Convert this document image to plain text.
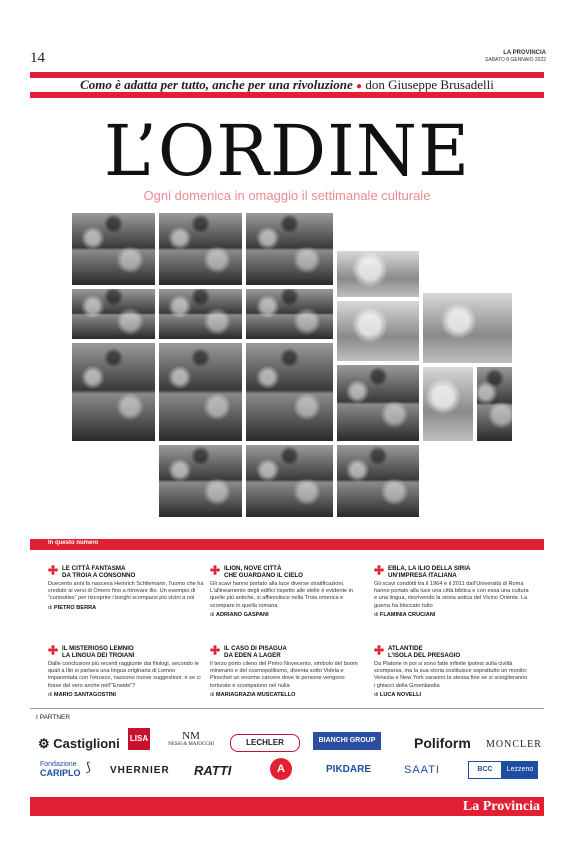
14	LA PROVINCIA
SABATO 8 GENNAIO 2022
Como è adatta per tutto, anche per una rivoluzione ● don Giuseppe Brusadelli
L’ORDINE
Ogni domenica in omaggio il settimanale culturale
In questo numero
LE CITTÀ FANTASMA
DA TROIA A CONSONNO
Duecento anni fa nasceva Heinrich Schliemann, l’uomo che ha creduto ai versi di Omero fino a ritrovare Ilio. Un esempio di “curiosities” per riscoprire i borghi scomparsi più vicini a noi
di PIETRO BERRA
ILION, NOVE CITTÀ
CHE GUARDANO IL CIELO
Gli scavi hanno portato alla luce diverse stratificazioni. L’allineamento degli edifici rispetto alle stelle è evidente in quelle più antiche, si affievolisce nella Troia omerica e scompare in quella romana
di ADRIANO GASPANI
EBLA, LA ILIO DELLA SIRIA
UN’IMPRESA ITALIANA
Gli scavi condotti tra il 1964 e il 2011 dall’Università di Roma hanno portato alla luce una città biblica e con essa una cultura e una lingua, riscrivendo la storia antica del Vicino Oriente. La guerra ha bloccato tutto
di FLAMINIA CRUCIANI
IL MISTERIOSO LEMNIO
LA LINGUA DEI TROIANI
Dalle conclusioni più recenti raggiunte dai filologi, secondo le quali a Ilio si parlava una lingua originaria di Lemno imparentata con l’etrusco, nascono nuove suggestioni: e se ci fosse del vero anche nell’“Eneide”?
di MARIO SANTAGOSTINI
IL CASO DI PISAGUA
DA EDEN A LAGER
Il terzo porto cileno del Primo Novecento, simbolo del boom minerario e del cosmopolitismo, diventa sotto Videla e Pinochet un enorme carcere dove le persone vengono torturate e scompaiono nel nulla
di MARIAGRAZIA MUSCATELLO
ATLANTIDE
L’ISOLA DEL PRESAGIO
Da Platone in poi si sono fatte infinite ipotesi sulla civiltà scomparsa, ma la sua storia costituisce soprattutto un monito: Venezia e New York saranno la stessa fine se si scioglieranno i ghiacci della Groenlandia
di LUCA NOVELLI
I PARTNER
⚙ Castiglioni LISA	NM
NESSI & MAJOCCHI	LECHLER	BIANCHI GROUP	Poliform MONCLER
Fondazione
CARIPLO ⟆ VHERNIER RATTI	A	PIKDARE	SAATI	BCC	Lezzeno
La Provincia
